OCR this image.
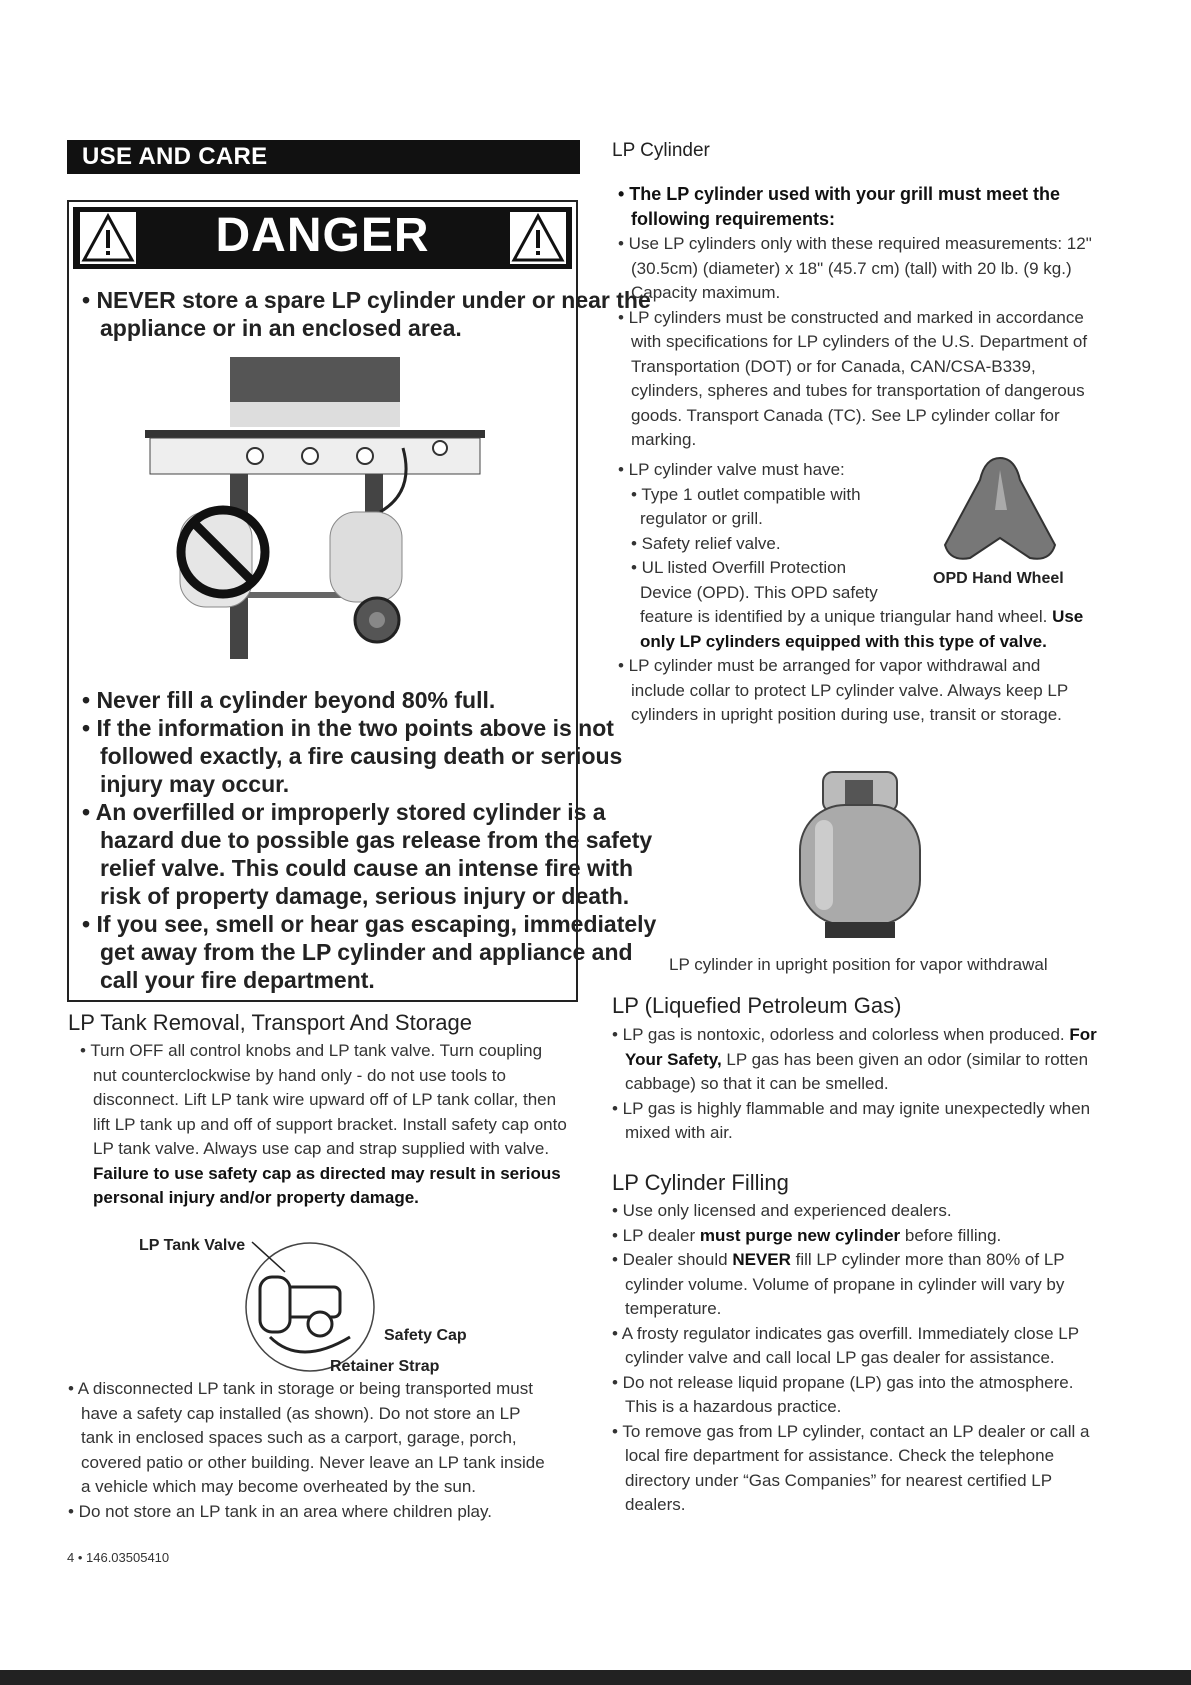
USE AND CARE
DANGER
• NEVER store a spare LP cylinder under or near the
appliance or in an enclosed area.
• Never fill a cylinder beyond 80% full.
• If the information in the two points above is not
followed exactly, a fire causing death or serious
injury may occur.
• An overfilled or improperly stored cylinder is a
hazard due to possible gas release from the safety
relief valve. This could cause an intense fire with
risk of property damage, serious injury or death.
• If you see, smell or hear gas escaping, immediately
get away from the LP cylinder and appliance and
call your fire department.
LP Tank Removal, Transport And Storage
• Turn OFF all control knobs and LP tank valve. Turn coupling
nut counterclockwise by hand only - do not use tools to
disconnect. Lift LP tank wire upward off of LP tank collar, then
lift LP tank up and off of support bracket. Install safety cap onto
LP tank valve. Always use cap and strap supplied with valve.
Failure to use safety cap as directed may result in serious
personal injury and/or property damage.
LP Tank Valve
Safety Cap
Retainer Strap
• A disconnected LP tank in storage or being transported must
have a safety cap installed (as shown). Do not store an LP
tank in enclosed spaces such as a carport, garage, porch,
covered patio or other building. Never leave an LP tank inside
a vehicle which may become overheated by the sun.
• Do not store an LP tank in an area where children play.
4 • 146.03505410
LP Cylinder
• The LP cylinder used with your grill must meet the
following requirements:
• Use LP cylinders only with these required measurements: 12"
(30.5cm) (diameter) x 18" (45.7 cm) (tall) with 20 lb. (9 kg.)
Capacity maximum.
• LP cylinders must be constructed and marked in accordance
with specifications for LP cylinders of the U.S. Department of
Transportation (DOT) or for Canada, CAN/CSA-B339,
cylinders, spheres and tubes for transportation of dangerous
goods. Transport Canada (TC). See LP cylinder collar for
marking.
• LP cylinder valve must have:
• Type 1 outlet compatible with
regulator or grill.
• Safety relief valve.
• UL listed Overfill Protection
Device (OPD). This OPD safety
feature is identified by a unique triangular hand wheel. Use
only LP cylinders equipped with this type of valve.
OPD Hand Wheel
• LP cylinder must be arranged for vapor withdrawal and
include collar to protect LP cylinder valve. Always keep LP
cylinders in upright position during use, transit or storage.
LP cylinder in upright position for vapor withdrawal
LP (Liquefied Petroleum Gas)
• LP gas is nontoxic, odorless and colorless when produced. For
Your Safety, LP gas has been given an odor (similar to rotten
cabbage) so that it can be smelled.
• LP gas is highly flammable and may ignite unexpectedly when
mixed with air.
LP Cylinder Filling
• Use only licensed and experienced dealers.
• LP dealer must purge new cylinder before filling.
• Dealer should NEVER fill LP cylinder more than 80% of LP
cylinder volume. Volume of propane in cylinder will vary by
temperature.
• A frosty regulator indicates gas overfill. Immediately close LP
cylinder valve and call local LP gas dealer for assistance.
• Do not release liquid propane (LP) gas into the atmosphere.
This is a hazardous practice.
• To remove gas from LP cylinder, contact an LP dealer or call a
local fire department for assistance. Check the telephone
directory under “Gas Companies” for nearest certified LP
dealers.
